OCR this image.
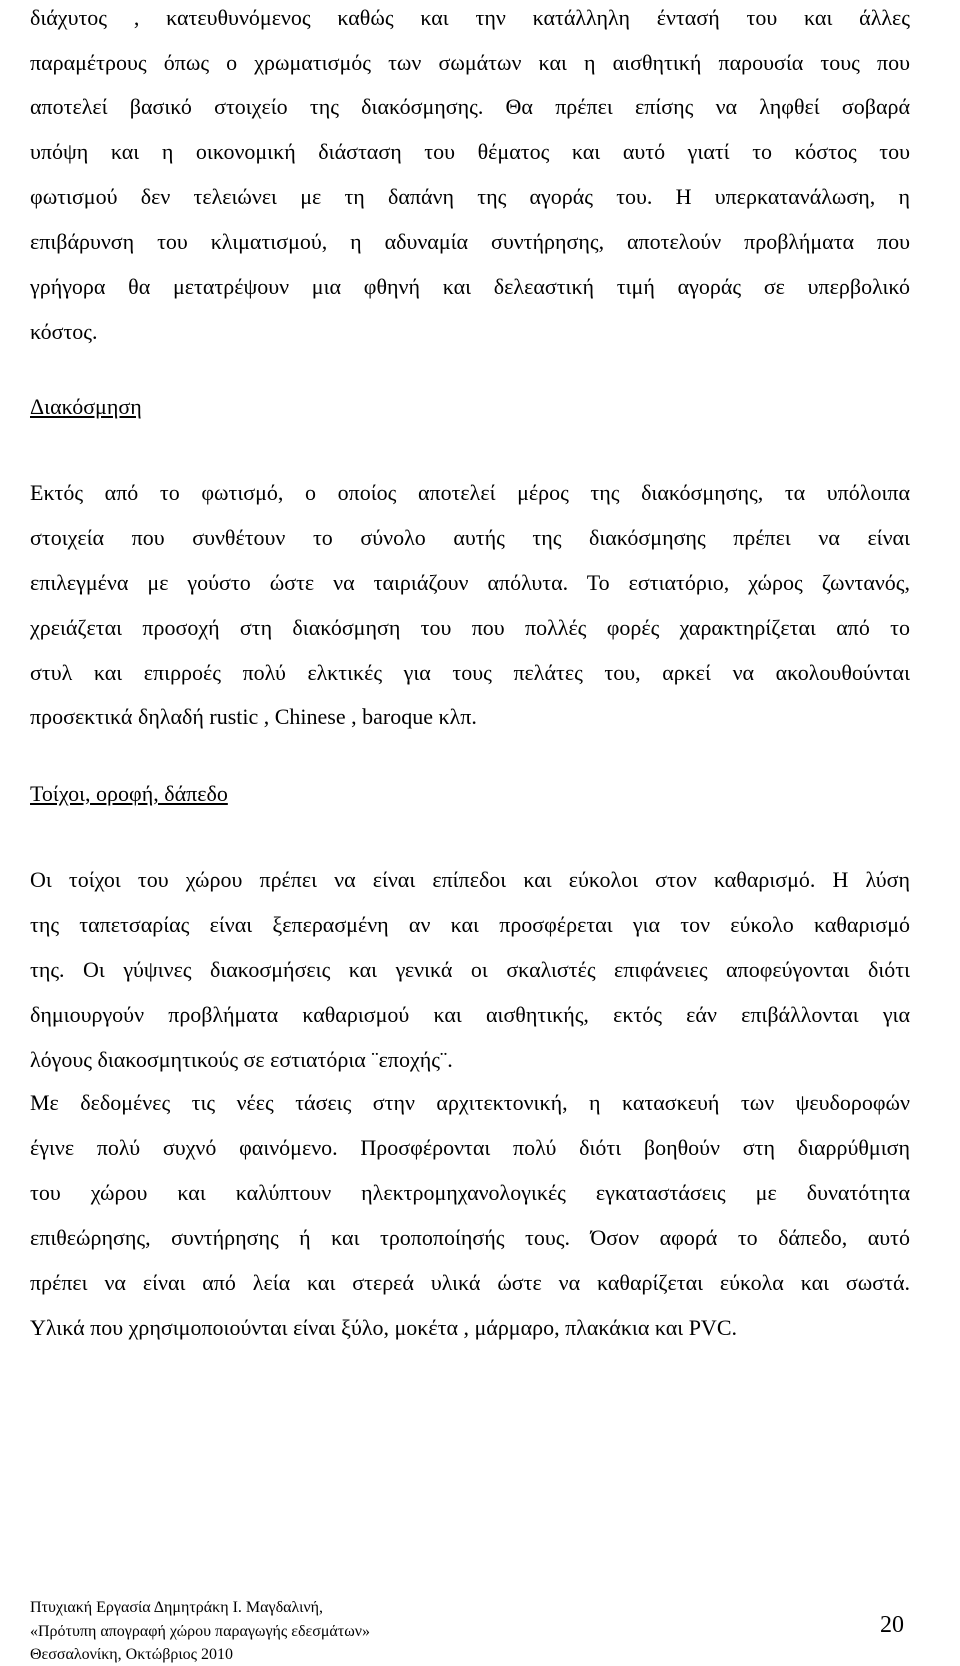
διάχυτος , κατευθυνόμενος καθώς και την κατάλληλη έντασή του και άλλες
παραμέτρους όπως ο χρωματισμός των σωμάτων και η αισθητική παρουσία τους που
αποτελεί βασικό στοιχείο της διακόσμησης. Θα πρέπει επίσης να ληφθεί σοβαρά
υπόψη και η οικονομική διάσταση του θέματος και αυτό γιατί το κόστος του
φωτισμού δεν τελειώνει με τη δαπάνη της αγοράς του. Η υπερκατανάλωση, η
επιβάρυνση του κλιματισμού, η αδυναμία συντήρησης, αποτελούν προβλήματα που
γρήγορα θα μετατρέψουν μια φθηνή και δελεαστική τιμή αγοράς σε υπερβολικό
κόστος.
Διακόσμηση
Εκτός από το φωτισμό, ο οποίος αποτελεί μέρος της διακόσμησης, τα υπόλοιπα
στοιχεία που συνθέτουν το σύνολο αυτής της διακόσμησης πρέπει να είναι
επιλεγμένα με γούστο ώστε να ταιριάζουν απόλυτα. Το εστιατόριο, χώρος ζωντανός,
χρειάζεται προσοχή στη διακόσμηση του που πολλές φορές χαρακτηρίζεται από το
στυλ και επιρροές πολύ ελκτικές για τους πελάτες του, αρκεί να ακολουθούνται
προσεκτικά δηλαδή rustic , Chinese , baroque κλπ.
Τοίχοι, οροφή, δάπεδο
Οι τοίχοι του χώρου πρέπει να είναι επίπεδοι και εύκολοι στον καθαρισμό. Η λύση
της ταπετσαρίας είναι ξεπερασμένη αν και προσφέρεται για τον εύκολο καθαρισμό
της. Οι γύψινες διακοσμήσεις και γενικά οι σκαλιστές επιφάνειες αποφεύγονται διότι
δημιουργούν προβλήματα καθαρισμού και αισθητικής, εκτός εάν επιβάλλονται για
λόγους διακοσμητικούς σε εστιατόρια ¨εποχής¨.
Με δεδομένες τις νέες τάσεις στην αρχιτεκτονική, η κατασκευή των ψευδοροφών
έγινε πολύ συχνό φαινόμενο. Προσφέρονται πολύ διότι βοηθούν στη διαρρύθμιση
του χώρου και καλύπτουν ηλεκτρομηχανολογικές εγκαταστάσεις με δυνατότητα
επιθεώρησης, συντήρησης ή και τροποποίησής τους. Όσον αφορά το δάπεδο, αυτό
πρέπει να είναι από λεία και στερεά υλικά ώστε να καθαρίζεται εύκολα και σωστά.
Υλικά που χρησιμοποιούνται είναι ξύλο, μοκέτα , μάρμαρο, πλακάκια και PVC.
Πτυχιακή Εργασία Δημητράκη Ι. Μαγδαλινή,
«Πρότυπη απογραφή χώρου παραγωγής εδεσμάτων»
Θεσσαλονίκη, Οκτώβριος 2010
20
